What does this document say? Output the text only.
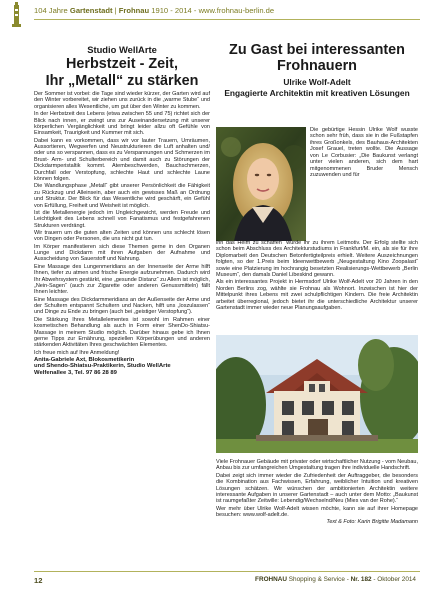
104 Jahre Gartenstadt | Frohnau 1910 - 2014 - www.frohnau-berlin.de
Studio WellArte
Herbstzeit - Zeit,
Ihr „Metall“ zu stärken

Der Sommer ist vorbei: die Tage sind wieder kürzer, der Garten wird auf den Winter vorbereitet, wir ziehen uns zurück in die „warme Stube“ und organisieren alles Wesentliche, um gut über den Winter zu kommen.

In der Herbstzeit des Lebens (etwa zwischen 55 und 75) richtet sich der Blick nach innen, er zwingt uns zur Auseinandersetzung mit unserer körperlichen Vergänglichkeit und bringt leider allzu oft Gefühle von Einsamkeit, Traurigkeit und Kummer mit sich.

Dabei kann es vorkommen, dass wir vor lauter Trauern, Umräumen, Aussortieren, Wegwerfen und Neustrukturieren die Luft anhalten und/ oder uns so verspannen, dass es zu Verspannungen und Schmerzen im Brust- Arm- und Schulterbereich und damit auch zu Störungen der Dickdarmperistaltik kommt. Atembeschwerden, Bauchschmerzen, Durchfall oder Verstopfung, schlechte Haut und schlechte Laune können folgen.

Die Wandlungsphase „Metall“ gibt unserer Persönlichkeit die Fähigkeit zu Rückzug und Alleinsein, aber auch ein gewisses Maß an Ordnung und Struktur. Der Blick für das Wesentliche wird geschärft, ein Gefühl von Erfüllung, Freiheit und Weisheit ist möglich.

Ist die Metallenergie jedoch im Ungleichgewicht, werden Freude und Leichtigkeit des Lebens schnell von Fanatismus und festgefahrenen Strukturen verdrängt.

Wir trauern um die guten alten Zeiten und können uns schlecht lösen von Dingen oder Personen, die uns nicht gut tun.

Im Körper manifestieren sich diese Themen gerne in den Organen Lunge und Dickdarm mit ihren Aufgaben der Aufnahme und Ausscheidung von Sauerstoff und Nahrung.

Eine Massage des Lungenmeridians an der Innenseite der Arme hilft Ihnen, tiefer zu atmen und frische Energie aufzunehmen. Dadurch wird Ihr Abwehrsystem gestärkt, eine „gesunde Distanz“ zu Allem ist möglich, „Nein-Sagen“ (auch zur Zigarette oder anderen Genussmitteln) fällt Ihnen leichter.

Eine Massage des Dickdarmmeridians an der Außenseite der Arme und der Schultern entspannt Schultern und Nacken, hilft uns „loszulassen“ und Dinge zu Ende zu bringen (auch bei „geistiger Verstopfung“).

Die Stärkung Ihres Metallelementes ist sowohl im Rahmen einer kosmetischen Behandlung als auch in Form einer ShenDo-Shiatsu-Massage in meinem Studio möglich. Darüber hinaus gebe ich Ihnen gerne Tipps zur Ernährung, speziellen Körperübungen und anderen stärkenden Aktivitäten Ihres geschwächten Elementes.

Ich freue mich auf Ihre Anmeldung!

Anita-Gabriele Axt, Blokosmetikerin
und Shendo-Shiatsu-Praktikerin, Studio WellArte
Welfenallee 3, Tel. 97 86 28 89
Zu Gast bei interessanten
Frohnauern
Ulrike Wolf-Adelt
Engagierte Architektin mit kreativen Lösungen

Die gebürtige Hessin Ulrike Wolf wusste schon sehr früh, dass sie in die Fußstapfen ihres Großonkels, des Bauhaus-Architekten Josef Grauel, treten wollte. Die Aussage von Le Corbusier: „Die Baukunst verlangt unter vielen anderen, sich dem hart mitgenommenen Bruder Mensch zuzuwenden und für

ihn das Heim zu schaffen“ wurde ihr zu ihrem Leitmotiv. Der Erfolg stellte sich schon beim Abschluss des Architekturstudiums in Frankfurt/M. ein, als sie für ihre Diplomarbeit den Deutschen Betonfertigteilpreis erhielt. Weitere Auszeichnungen folgten, so der 1.Preis beim Ideenwettbewerb „Neugestaltung Kino Zoopalast“ sowie eine Platzierung im hochrangig besetzten Realisierungs-Wettbewerb „Berlin Museum“, den damals Daniel Libeskind gewann.

Als ein interessantes Projekt in Hermsdorf Ulrike Wolf-Adelt vor 20 Jahren in den Norden Berlins zog, wählte sie Frohnau als Wohnort. Inzwischen ist hier der Mittelpunkt ihres Lebens mit zwei schulpflichtigen Kindern. Die freie Architektin arbeitet überregional, jedoch bietet ihr die unterschiedliche Architektur unserer Gartenstadt immer wieder neue Planungsaufgaben.

Viele Frohnauer Gebäude mit privater oder wirtschaftlicher Nutzung - vom Neubau, Anbau bis zur umfangreichen Umgestaltung tragen ihre individuelle Handschrift.

Dabei zeigt sich immer wieder die Zufriedenheit der Auftraggeber, die besonders die Kombination aus Fachwissen, Erfahrung, weiblicher Intuition und kreativen Lösungen schätzen. Wir wünschen der ambitionierten Architektin weitere interessante Aufgaben in unserer Gartenstadt – auch unter dem Motto: „Baukunst ist raumgefaßter Zeitwille: Lebendig/Wechselnd/Neu (Mies van der Rohe).“

Wer mehr über Ulrike Wolf-Adelt wissen möchte, kann sie auf ihrer Homepage besuchen: www.wolf-adelt.de.

Text & Foto: Karin Brigitte Madamann

12	FROHNAU Shopping & Service - Nr. 182 - Oktober 2014
